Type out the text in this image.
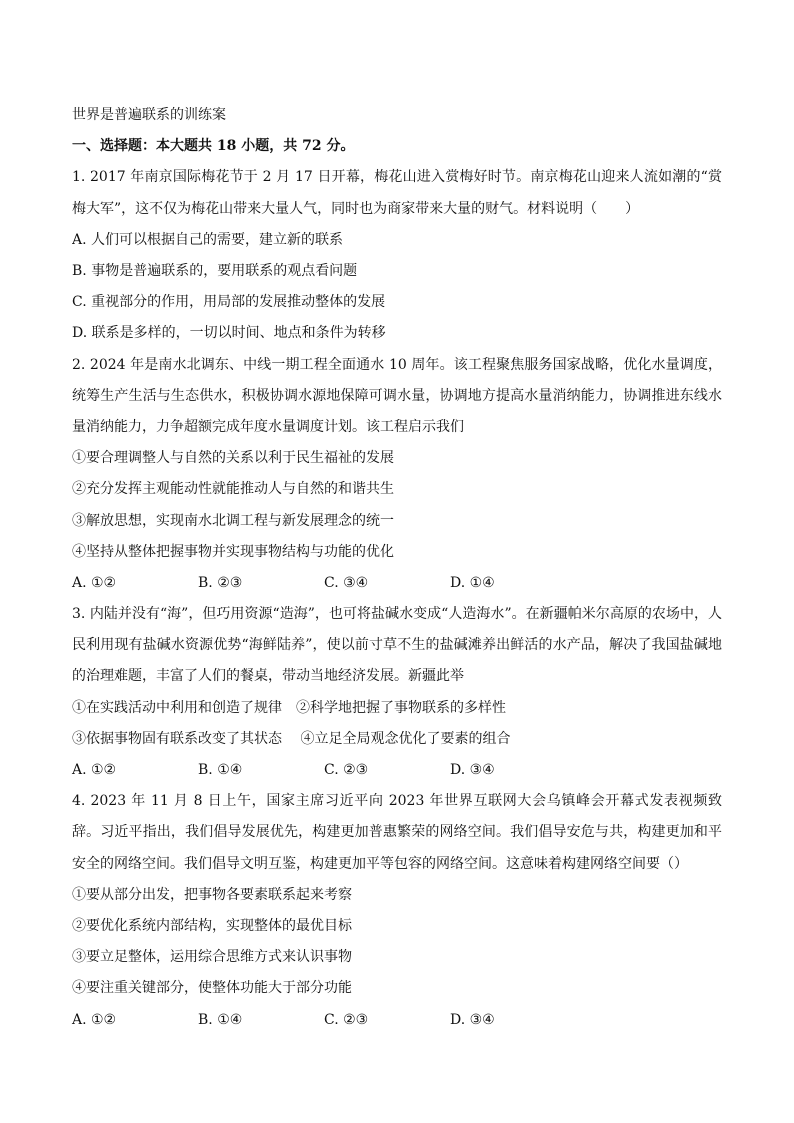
世界是普遍联系的训练案
一、选择题：本大题共 18 小题，共 72 分。
1. 2017 年南京国际梅花节于 2 月 17 日开幕，梅花山进入赏梅好时节。南京梅花山迎来人流如潮的“赏梅大军”，这不仅为梅花山带来大量人气，同时也为商家带来大量的财气。材料说明（　　）
A. 人们可以根据自己的需要，建立新的联系
B. 事物是普遍联系的，要用联系的观点看问题
C. 重视部分的作用，用局部的发展推动整体的发展
D. 联系是多样的，一切以时间、地点和条件为转移
2. 2024 年是南水北调东、中线一期工程全面通水 10 周年。该工程聚焦服务国家战略，优化水量调度，统筹生产生活与生态供水，积极协调水源地保障可调水量，协调地方提高水量消纳能力，协调推进东线水量消纳能力，力争超额完成年度水量调度计划。该工程启示我们
①要合理调整人与自然的关系以利于民生福祉的发展
②充分发挥主观能动性就能推动人与自然的和谐共生
③解放思想，实现南水北调工程与新发展理念的统一
④坚持从整体把握事物并实现事物结构与功能的优化
A. ①②	B. ②③	C. ③④	D. ①④
3. 内陆并没有“海”，但巧用资源“造海”，也可将盐碱水变成“人造海水”。在新疆帕米尔高原的农场中，人民利用现有盐碱水资源优势“海鲜陆养”，使以前寸草不生的盐碱滩养出鲜活的水产品，解决了我国盐碱地的治理难题，丰富了人们的餐桌，带动当地经济发展。新疆此举
①在实践活动中利用和创造了规律　②科学地把握了事物联系的多样性
③依据事物固有联系改变了其状态　 ④立足全局观念优化了要素的组合
A. ①②	B. ①④	C. ②③	D. ③④
4. 2023 年 11 月 8 日上午，国家主席习近平向 2023 年世界互联网大会乌镇峰会开幕式发表视频致辞。习近平指出，我们倡导发展优先，构建更加普惠繁荣的网络空间。我们倡导安危与共，构建更加和平安全的网络空间。我们倡导文明互鉴，构建更加平等包容的网络空间。这意味着构建网络空间要（）
①要从部分出发，把事物各要素联系起来考察
②要优化系统内部结构，实现整体的最优目标
③要立足整体，运用综合思维方式来认识事物
④要注重关键部分，使整体功能大于部分功能
A. ①②	B. ①④	C. ②③	D. ③④
